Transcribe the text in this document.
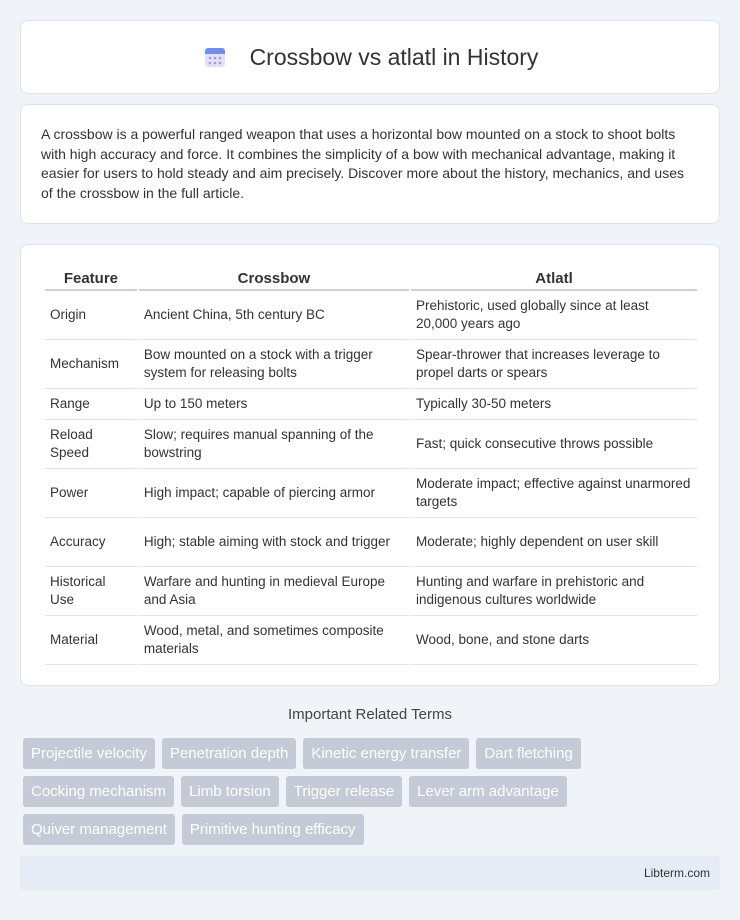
Crossbow vs atlatl in History

A crossbow is a powerful ranged weapon that uses a horizontal bow mounted on a stock to shoot bolts with high accuracy and force. It combines the simplicity of a bow with mechanical advantage, making it easier for users to hold steady and aim precisely. Discover more about the history, mechanics, and uses of the crossbow in the full article.

Feature	Crossbow	Atlatl
Origin	Ancient China, 5th century BC	Prehistoric, used globally since at least 20,000 years ago
Mechanism	Bow mounted on a stock with a trigger system for releasing bolts	Spear-thrower that increases leverage to propel darts or spears
Range	Up to 150 meters	Typically 30-50 meters
Reload Speed	Slow; requires manual spanning of the bowstring	Fast; quick consecutive throws possible
Power	High impact; capable of piercing armor	Moderate impact; effective against unarmored targets
Accuracy	High; stable aiming with stock and trigger	Moderate; highly dependent on user skill
Historical Use	Warfare and hunting in medieval Europe and Asia	Hunting and warfare in prehistoric and indigenous cultures worldwide
Material	Wood, metal, and sometimes composite materials	Wood, bone, and stone darts
Important Related Terms
Projectile velocity	Penetration depth	Kinetic energy transfer	Dart fletching
Cocking mechanism	Limb torsion	Trigger release	Lever arm advantage
Quiver management	Primitive hunting efficacy
Libterm.com
